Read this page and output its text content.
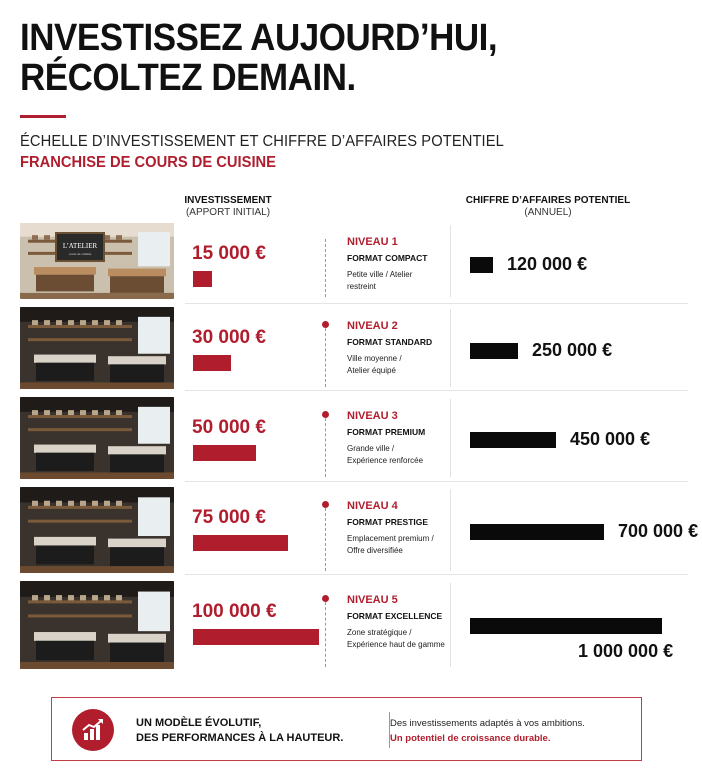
INVESTISSEZ AUJOURD’HUI,
RÉCOLTEZ DEMAIN.
ÉCHELLE D’INVESTISSEMENT ET CHIFFRE D’AFFAIRES POTENTIEL
FRANCHISE DE COURS DE CUISINE
INVESTISSEMENT
(APPORT INITIAL)
CHIFFRE D’AFFAIRES POTENTIEL
(ANNUEL)
L’ATELIER
cours de cuisine	15 000 €
NIVEAU 1
FORMAT COMPACT
Petite ville / Atelier
restreint
120 000 €
30 000 €
NIVEAU 2
FORMAT STANDARD
Ville moyenne /
Atelier équipé
250 000 €
50 000 €
NIVEAU 3
FORMAT PREMIUM
Grande ville /
Expérience renforcée
450 000 €
75 000 €
NIVEAU 4
FORMAT PRESTIGE
Emplacement premium /
Offre diversifiée
700 000 €
100 000 €
NIVEAU 5
FORMAT EXCELLENCE
Zone stratégique /
Expérience haut de gamme	1 000 000 €
UN MODÈLE ÉVOLUTIF,
DES PERFORMANCES À LA HAUTEUR.
Des investissements adaptés à vos ambitions.
Un potentiel de croissance durable.
